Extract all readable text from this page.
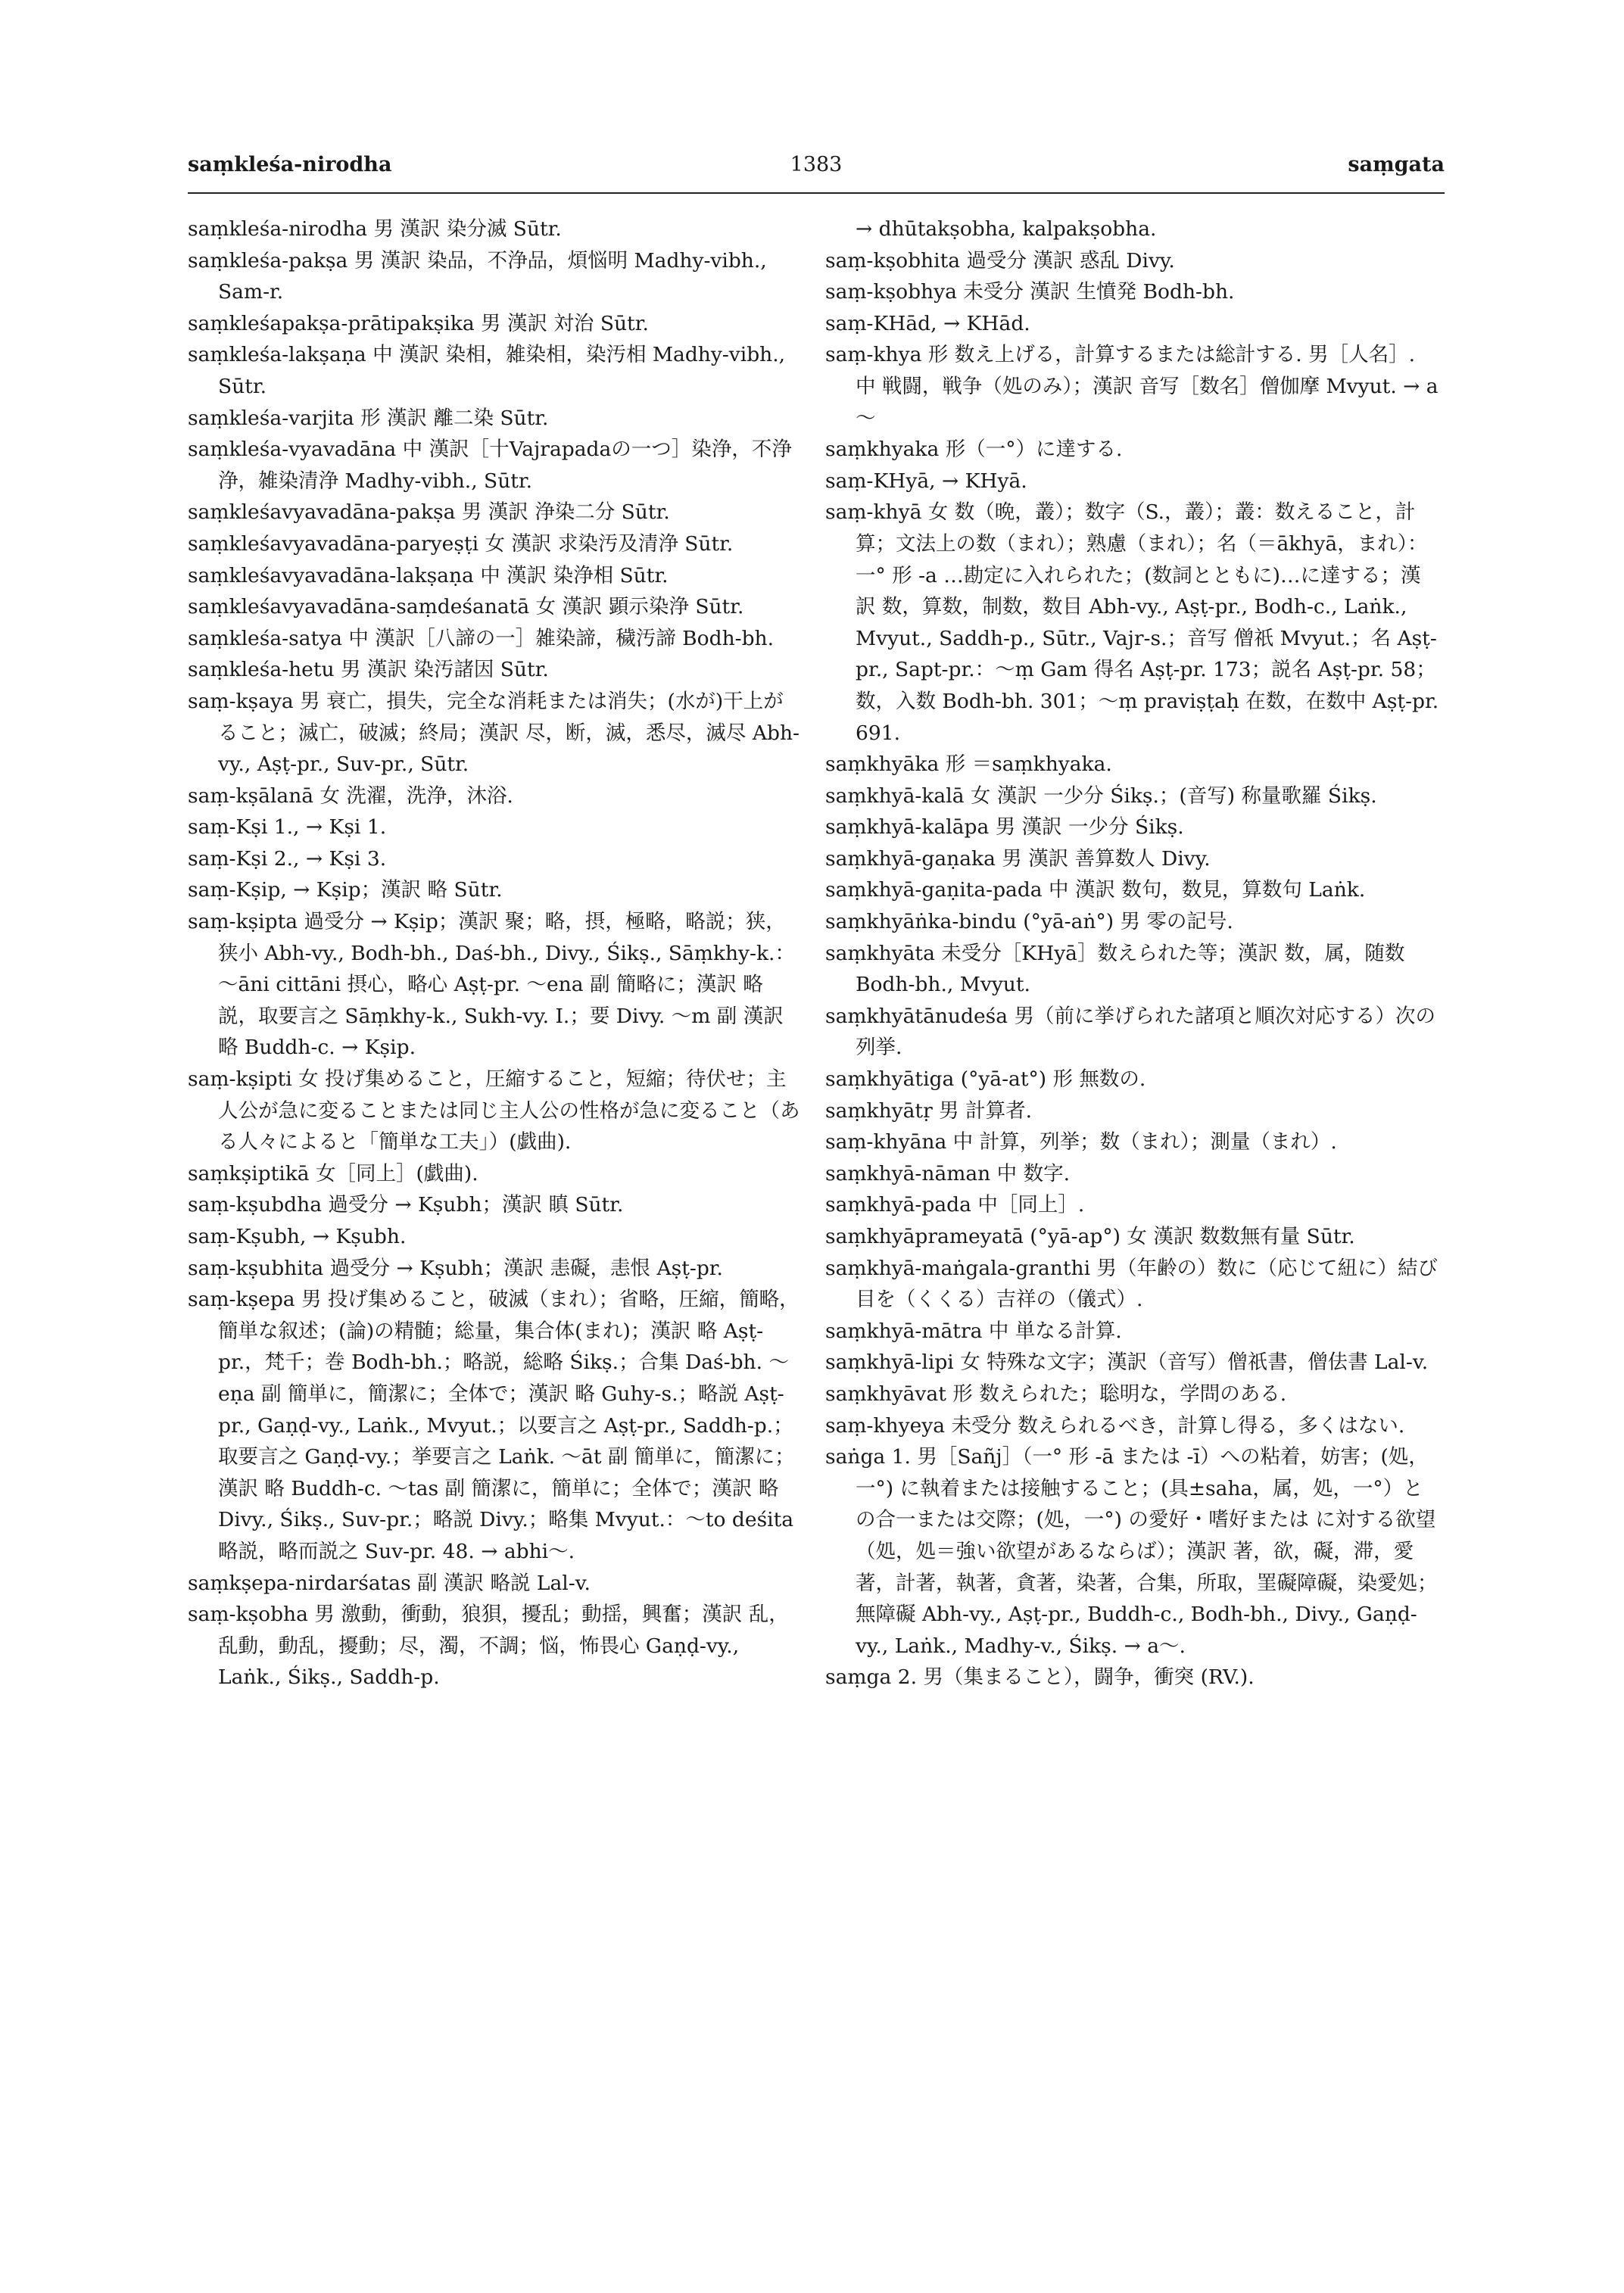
saṃkleśa-nirodha	1383	saṃgata

saṃkleśa-nirodha 男 漢訳 染分滅 Sūtr.

saṃkleśa-pakṣa 男 漢訳 染品，不浄品，煩悩明 Madhy-vibh., Sam-r.

saṃkleśapakṣa-prātipakṣika 男 漢訳 対治 Sūtr.

saṃkleśa-lakṣaṇa 中 漢訳 染相，雑染相，染汚相 Madhy-vibh., Sūtr.

saṃkleśa-varjita 形 漢訳 離二染 Sūtr.

saṃkleśa-vyavadāna 中 漢訳［十Vajrapadaの一つ］染浄，不浄浄，雑染清浄 Madhy-vibh., Sūtr.

saṃkleśavyavadāna-pakṣa 男 漢訳 浄染二分 Sūtr.

saṃkleśavyavadāna-paryeṣṭi 女 漢訳 求染汚及清浄 Sūtr.

saṃkleśavyavadāna-lakṣaṇa 中 漢訳 染浄相 Sūtr.

saṃkleśavyavadāna-saṃdeśanatā 女 漢訳 顕示染浄 Sūtr.

saṃkleśa-satya 中 漢訳［八諦の一］雑染諦，穢汚諦 Bodh-bh.

saṃkleśa-hetu 男 漢訳 染汚諸因 Sūtr.

saṃ-kṣaya 男 衰亡，損失，完全な消耗または消失；(水が)干上がること；滅亡，破滅；終局；漢訳 尽，断，滅，悉尽，滅尽 Abh-vy., Aṣṭ-pr., Suv-pr., Sūtr.

saṃ-kṣālanā 女 洗濯，洗浄，沐浴.

saṃ-Kṣi 1., → Kṣi 1.

saṃ-Kṣi 2., → Kṣi 3.

saṃ-Kṣip, → Kṣip；漢訳 略 Sūtr.

saṃ-kṣipta 過受分 → Kṣip；漢訳 聚；略，摂，極略，略説；狭，狭小 Abh-vy., Bodh-bh., Daś-bh., Divy., Śikṣ., Sāṃkhy-k.：～āni cittāni 摂心，略心 Aṣṭ-pr. ～ena 副 簡略に；漢訳 略説，取要言之 Sāṃkhy-k., Sukh-vy. I.；要 Divy. ～m 副 漢訳 略 Buddh-c. → Kṣip.

saṃ-kṣipti 女 投げ集めること，圧縮すること，短縮；待伏せ；主人公が急に変ることまたは同じ主人公の性格が急に変ること（ある人々によると「簡単な工夫」）(戯曲).

saṃkṣiptikā 女［同上］(戯曲).

saṃ-kṣubdha 過受分 → Kṣubh；漢訳 瞋 Sūtr.

saṃ-Kṣubh, → Kṣubh.

saṃ-kṣubhita 過受分 → Kṣubh；漢訳 恚礙，恚恨 Aṣṭ-pr.

saṃ-kṣepa 男 投げ集めること，破滅（まれ）；省略，圧縮，簡略，簡単な叙述；(論)の精髄；総量，集合体(まれ)；漢訳 略 Aṣṭ-pr.，梵千；巻 Bodh-bh.；略説，総略 Śikṣ.；合集 Daś-bh. ～eṇa 副 簡単に，簡潔に；全体で；漢訳 略 Guhy-s.；略説 Aṣṭ-pr., Gaṇḍ-vy., Laṅk., Mvyut.；以要言之 Aṣṭ-pr., Saddh-p.；取要言之 Gaṇḍ-vy.；挙要言之 Laṅk. ～āt 副 簡単に，簡潔に；漢訳 略 Buddh-c. ～tas 副 簡潔に，簡単に；全体で；漢訳 略 Divy., Śikṣ., Suv-pr.；略説 Divy.；略集 Mvyut.：～to deśita 略説，略而説之 Suv-pr. 48. → abhi～.

saṃkṣepa-nirdarśatas 副 漢訳 略説 Lal-v.

saṃ-kṣobha 男 激動，衝動，狼狽，擾乱；動揺，興奮；漢訳 乱，乱動，動乱，擾動；尽，濁，不調；悩，怖畏心 Gaṇḍ-vy., Laṅk., Śikṣ., Saddh-p.

→ dhūtakṣobha, kalpakṣobha.

saṃ-kṣobhita 過受分 漢訳 惑乱 Divy.

saṃ-kṣobhya 未受分 漢訳 生憤発 Bodh-bh.

saṃ-KHād, → KHād.

saṃ-khya 形 数え上げる，計算するまたは総計する. 男［人名］. 中 戦闘，戦争（処のみ）；漢訳 音写［数名］僧伽摩 Mvyut. → a～

saṃkhyaka 形（一°）に達する.

saṃ-KHyā, → KHyā.

saṃ-khyā 女 数（晩，叢）；数字（S.，叢）；叢：数えること，計算；文法上の数（まれ）；熟慮（まれ）；名（＝ākhyā，まれ）：一° 形 -a …勘定に入れられた；(数詞とともに)…に達する；漢訳 数，算数，制数，数目 Abh-vy., Aṣṭ-pr., Bodh-c., Laṅk., Mvyut., Saddh-p., Sūtr., Vajr-s.；音写 僧祇 Mvyut.；名 Aṣṭ-pr., Sapt-pr.：～ṃ Gam 得名 Aṣṭ-pr. 173；説名 Aṣṭ-pr. 58；数，入数 Bodh-bh. 301；～ṃ praviṣṭaḥ 在数，在数中 Aṣṭ-pr. 691.

saṃkhyāka 形 ＝saṃkhyaka.

saṃkhyā-kalā 女 漢訳 一少分 Śikṣ.；(音写) 称量歌羅 Śikṣ.

saṃkhyā-kalāpa 男 漢訳 一少分 Śikṣ.

saṃkhyā-gaṇaka 男 漢訳 善算数人 Divy.

saṃkhyā-gaṇita-pada 中 漢訳 数句，数見，算数句 Laṅk.

saṃkhyāṅka-bindu (°yā-aṅ°) 男 零の記号.

saṃkhyāta 未受分［KHyā］数えられた等；漢訳 数，属，随数 Bodh-bh., Mvyut.

saṃkhyātānudeśa 男（前に挙げられた諸項と順次対応する）次の列挙.

saṃkhyātiga (°yā-at°) 形 無数の.

saṃkhyātṛ 男 計算者.

saṃ-khyāna 中 計算，列挙；数（まれ）；測量（まれ）.

saṃkhyā-nāman 中 数字.

saṃkhyā-pada 中［同上］.

saṃkhyāprameyatā (°yā-ap°) 女 漢訳 数数無有量 Sūtr.

saṃkhyā-maṅgala-granthi 男（年齢の）数に（応じて紐に）結び目を（くくる）吉祥の（儀式）.

saṃkhyā-mātra 中 単なる計算.

saṃkhyā-lipi 女 特殊な文字；漢訳（音写）僧祇書，僧佉書 Lal-v.

saṃkhyāvat 形 数えられた；聡明な，学問のある.

saṃ-khyeya 未受分 数えられるべき，計算し得る，多くはない.

saṅga 1. 男［Sañj］（一° 形 -ā または -ī）への粘着，妨害；(処，一°) に執着または接触すること；(具±saha，属，処，一°）との合一または交際；(処，一°) の愛好・嗜好または に対する欲望（処，処＝強い欲望があるならば）；漢訳 著，欲，礙，滞，愛著，計著，執著，貪著，染著，合集，所取，罣礙障礙，染愛処；無障礙 Abh-vy., Aṣṭ-pr., Buddh-c., Bodh-bh., Divy., Gaṇḍ-vy., Laṅk., Madhy-v., Śikṣ. → a～.

saṃga 2. 男（集まること），闘争，衝突 (RV.).
